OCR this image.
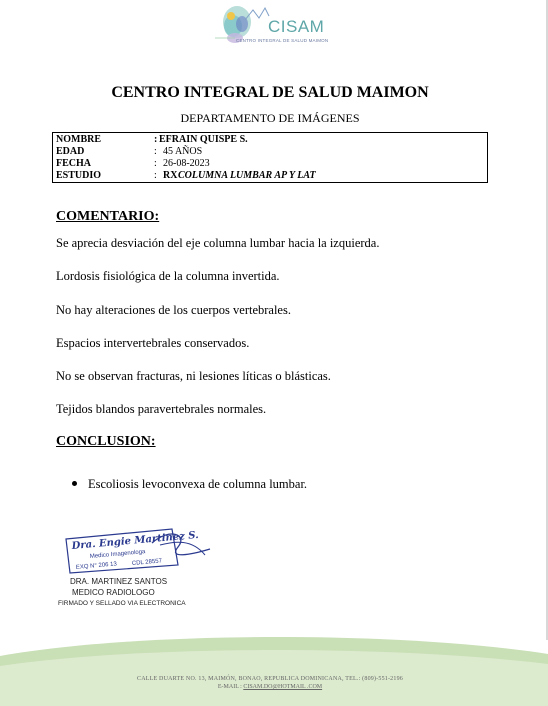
CISAM
CENTRO INTEGRAL DE SALUD MAIMON
CENTRO INTEGRAL DE SALUD MAIMON
DEPARTAMENTO DE IMÁGENES
NOMBRE	: EFRAIN QUISPE S.
EDAD	: 45 AÑOS
FECHA	: 26-08-2023
ESTUDIO	: RX COLUMNA LUMBAR AP Y LAT
COMENTARIO:
Se aprecia desviación del eje columna lumbar hacia la izquierda.
Lordosis fisiológica de la columna invertida.
No hay alteraciones de los cuerpos vertebrales.
Espacios intervertebrales conservados.
No se observan fracturas, ni lesiones líticas o blásticas.
Tejidos blandos paravertebrales normales.
CONCLUSION:
Escoliosis levoconvexa de columna lumbar.
Dra. Engie Martinez S.
Medico Imagenologa
EXQ N° 206 13 CDL 28557
DRA. MARTINEZ SANTOS
MEDICO RADIOLOGO
FIRMADO Y SELLADO VIA ELECTRONICA
CALLE DUARTE NO. 13, MAIMÓN, BONAO, REPUBLICA DOMINICANA, TEL.: (809)-551-2196
E-MAIL : CISAM.DO@HOTMAIL .COM
